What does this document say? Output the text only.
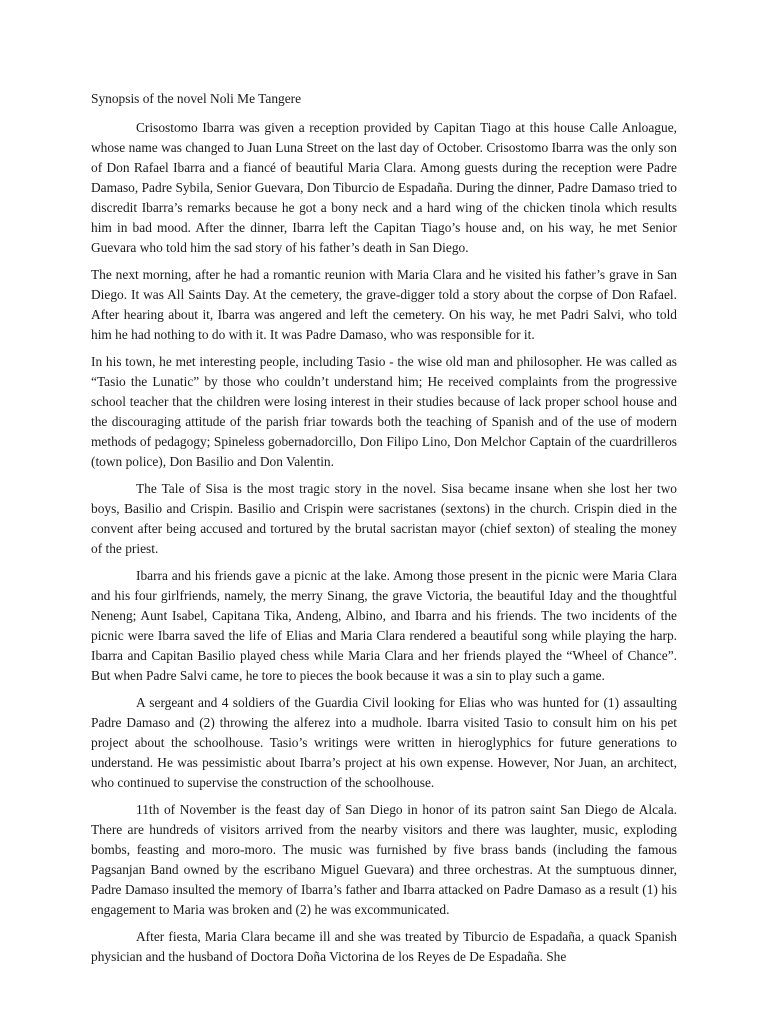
Synopsis of the novel Noli Me Tangere

Crisostomo Ibarra was given a reception provided by Capitan Tiago at this house Calle Anloague, whose name was changed to Juan Luna Street on the last day of October. Crisostomo Ibarra was the only son of Don Rafael Ibarra and a fiancé of beautiful Maria Clara. Among guests during the reception were Padre Damaso, Padre Sybila, Senior Guevara, Don Tiburcio de Espadaña. During the dinner, Padre Damaso tried to discredit Ibarra’s remarks because he got a bony neck and a hard wing of the chicken tinola which results him in bad mood. After the dinner, Ibarra left the Capitan Tiago’s house and, on his way, he met Senior Guevara who told him the sad story of his father’s death in San Diego.

The next morning, after he had a romantic reunion with Maria Clara and he visited his father’s grave in San Diego. It was All Saints Day. At the cemetery, the grave-digger told a story about the corpse of Don Rafael. After hearing about it, Ibarra was angered and left the cemetery. On his way, he met Padri Salvi, who told him he had nothing to do with it. It was Padre Damaso, who was responsible for it.

In his town, he met interesting people, including Tasio - the wise old man and philosopher. He was called as “Tasio the Lunatic” by those who couldn’t understand him; He received complaints from the progressive school teacher that the children were losing interest in their studies because of lack proper school house and the discouraging attitude of the parish friar towards both the teaching of Spanish and of the use of modern methods of pedagogy; Spineless gobernadorcillo, Don Filipo Lino, Don Melchor Captain of the cuardrilleros (town police), Don Basilio and Don Valentin.

The Tale of Sisa is the most tragic story in the novel. Sisa became insane when she lost her two boys, Basilio and Crispin. Basilio and Crispin were sacristanes (sextons) in the church. Crispin died in the convent after being accused and tortured by the brutal sacristan mayor (chief sexton) of stealing the money of the priest.

Ibarra and his friends gave a picnic at the lake. Among those present in the picnic were Maria Clara and his four girlfriends, namely, the merry Sinang, the grave Victoria, the beautiful Iday and the thoughtful Neneng; Aunt Isabel, Capitana Tika, Andeng, Albino, and Ibarra and his friends. The two incidents of the picnic were Ibarra saved the life of Elias and Maria Clara rendered a beautiful song while playing the harp. Ibarra and Capitan Basilio played chess while Maria Clara and her friends played the “Wheel of Chance”. But when Padre Salvi came, he tore to pieces the book because it was a sin to play such a game.

A sergeant and 4 soldiers of the Guardia Civil looking for Elias who was hunted for (1) assaulting Padre Damaso and (2) throwing the alferez into a mudhole. Ibarra visited Tasio to consult him on his pet project about the schoolhouse. Tasio’s writings were written in hieroglyphics for future generations to understand. He was pessimistic about Ibarra’s project at his own expense. However, Nor Juan, an architect, who continued to supervise the construction of the schoolhouse.

11th of November is the feast day of San Diego in honor of its patron saint San Diego de Alcala. There are hundreds of visitors arrived from the nearby visitors and there was laughter, music, exploding bombs, feasting and moro-moro. The music was furnished by five brass bands (including the famous Pagsanjan Band owned by the escribano Miguel Guevara) and three orchestras. At the sumptuous dinner, Padre Damaso insulted the memory of Ibarra’s father and Ibarra attacked on Padre Damaso as a result (1) his engagement to Maria was broken and (2) he was excommunicated.

After fiesta, Maria Clara became ill and she was treated by Tiburcio de Espadaña, a quack Spanish physician and the husband of Doctora Doña Victorina de los Reyes de De Espadaña. She
